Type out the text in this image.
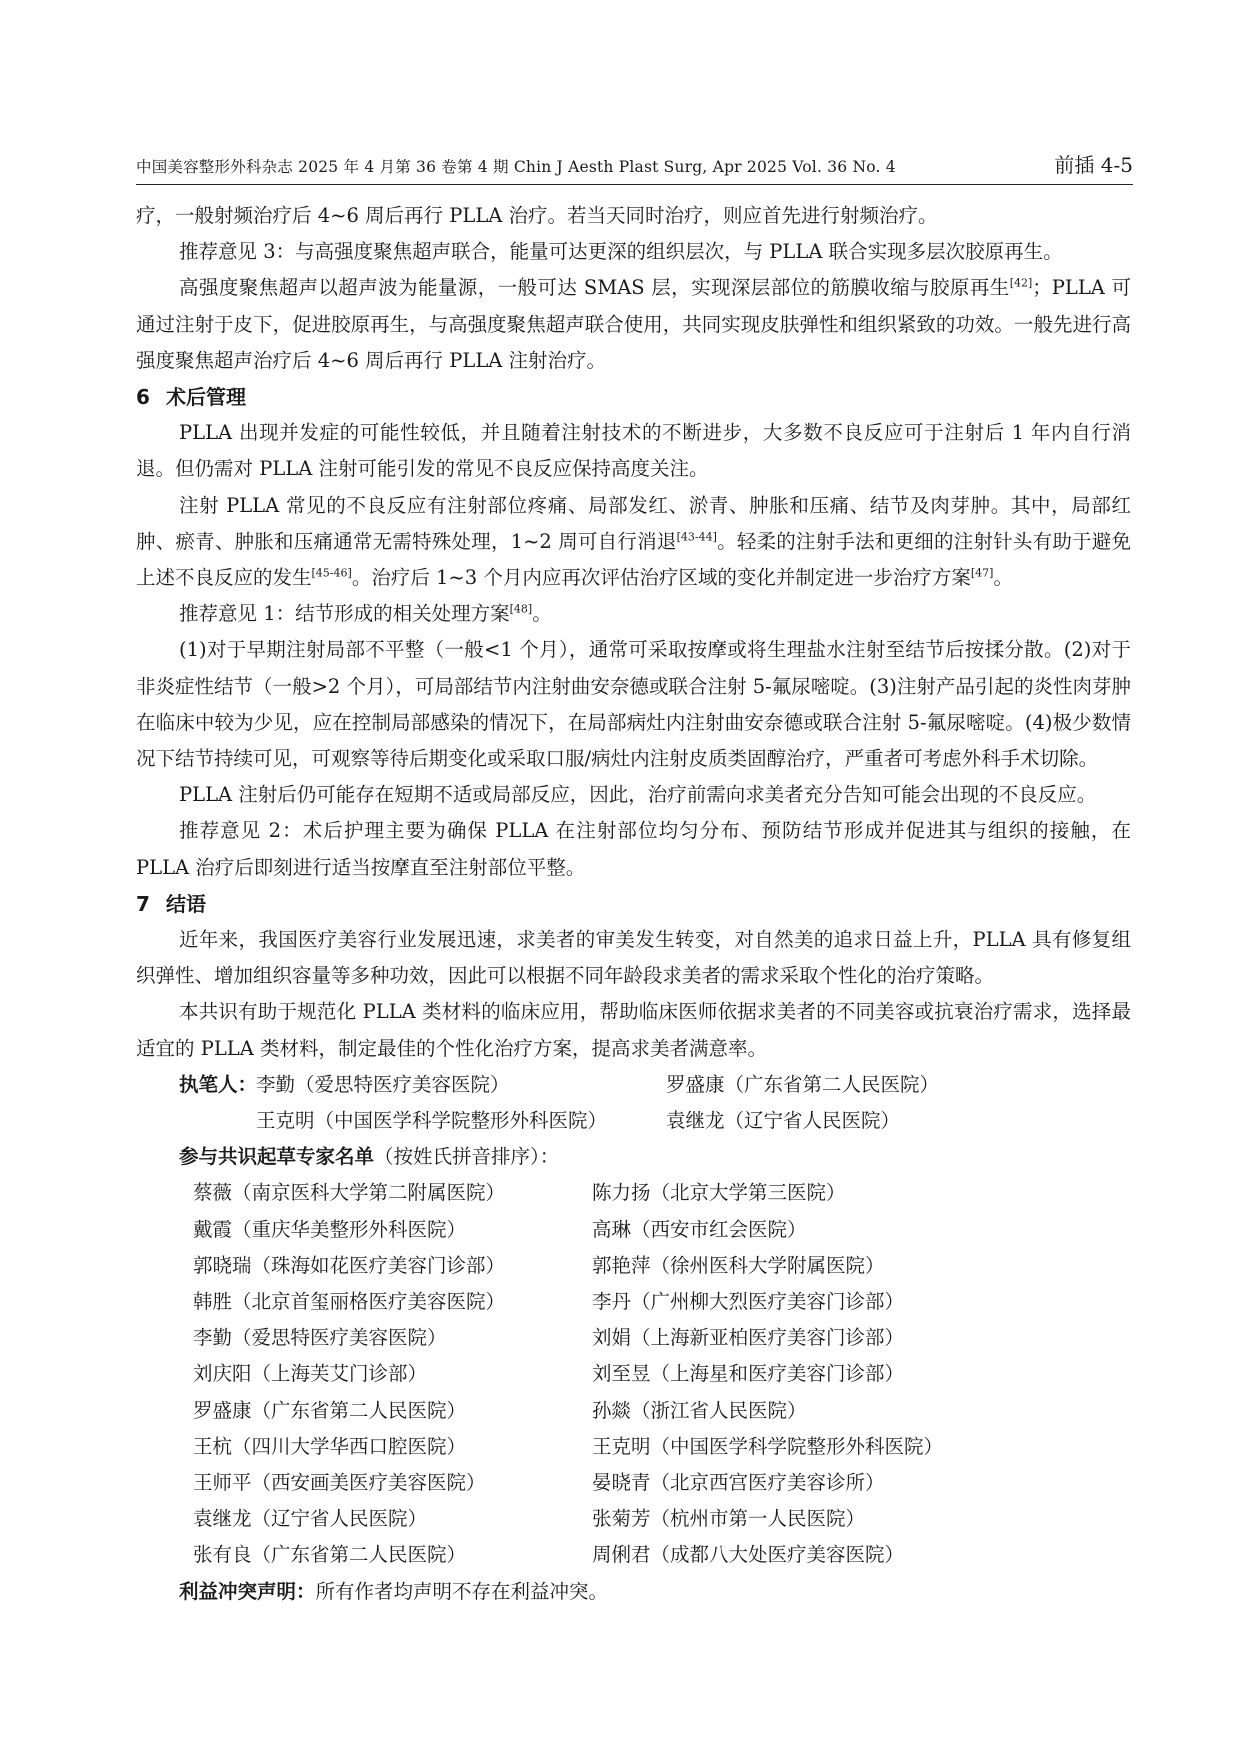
中国美容整形外科杂志 2025 年 4 月第 36 卷第 4 期 Chin J Aesth Plast Surg, Apr 2025 Vol. 36 No. 4	前插 4-5

疗，一般射频治疗后 4~6 周后再行 PLLA 治疗。若当天同时治疗，则应首先进行射频治疗。

推荐意见 3：与高强度聚焦超声联合，能量可达更深的组织层次，与 PLLA 联合实现多层次胶原再生。

高强度聚焦超声以超声波为能量源，一般可达 SMAS 层，实现深层部位的筋膜收缩与胶原再生[42]；PLLA 可通过注射于皮下，促进胶原再生，与高强度聚焦超声联合使用，共同实现皮肤弹性和组织紧致的功效。一般先进行高强度聚焦超声治疗后 4~6 周后再行 PLLA 注射治疗。

6 术后管理

PLLA 出现并发症的可能性较低，并且随着注射技术的不断进步，大多数不良反应可于注射后 1 年内自行消退。但仍需对 PLLA 注射可能引发的常见不良反应保持高度关注。

注射 PLLA 常见的不良反应有注射部位疼痛、局部发红、淤青、肿胀和压痛、结节及肉芽肿。其中，局部红肿、瘀青、肿胀和压痛通常无需特殊处理，1~2 周可自行消退[43-44]。轻柔的注射手法和更细的注射针头有助于避免上述不良反应的发生[45-46]。治疗后 1~3 个月内应再次评估治疗区域的变化并制定进一步治疗方案[47]。

推荐意见 1：结节形成的相关处理方案[48]。

(1)对于早期注射局部不平整（一般<1 个月），通常可采取按摩或将生理盐水注射至结节后按揉分散。(2)对于非炎症性结节（一般>2 个月），可局部结节内注射曲安奈德或联合注射 5-氟尿嘧啶。(3)注射产品引起的炎性肉芽肿在临床中较为少见，应在控制局部感染的情况下，在局部病灶内注射曲安奈德或联合注射 5-氟尿嘧啶。(4)极少数情况下结节持续可见，可观察等待后期变化或采取口服/病灶内注射皮质类固醇治疗，严重者可考虑外科手术切除。

PLLA 注射后仍可能存在短期不适或局部反应，因此，治疗前需向求美者充分告知可能会出现的不良反应。

推荐意见 2：术后护理主要为确保 PLLA 在注射部位均匀分布、预防结节形成并促进其与组织的接触，在 PLLA 治疗后即刻进行适当按摩直至注射部位平整。

7 结语

近年来，我国医疗美容行业发展迅速，求美者的审美发生转变，对自然美的追求日益上升，PLLA 具有修复组织弹性、增加组织容量等多种功效，因此可以根据不同年龄段求美者的需求采取个性化的治疗策略。

本共识有助于规范化 PLLA 类材料的临床应用，帮助临床医师依据求美者的不同美容或抗衰治疗需求，选择最适宜的 PLLA 类材料，制定最佳的个性化治疗方案，提高求美者满意率。

执笔人：
李勤（爱思特医疗美容医院）	罗盛康（广东省第二人民医院）
王克明（中国医学科学院整形外科医院）	袁继龙（辽宁省人民医院）
参与共识起草专家名单（按姓氏拼音排序）：
蔡薇（南京医科大学第二附属医院）	陈力扬（北京大学第三医院）
戴霞（重庆华美整形外科医院）	高琳（西安市红会医院）
郭晓瑞（珠海如花医疗美容门诊部）	郭艳萍（徐州医科大学附属医院）
韩胜（北京首玺丽格医疗美容医院）	李丹（广州柳大烈医疗美容门诊部）
李勤（爱思特医疗美容医院）	刘娟（上海新亚柏医疗美容门诊部）
刘庆阳（上海芙艾门诊部）	刘至昱（上海星和医疗美容门诊部）
罗盛康（广东省第二人民医院）	孙燚（浙江省人民医院）
王杭（四川大学华西口腔医院）	王克明（中国医学科学院整形外科医院）
王师平（西安画美医疗美容医院）	晏晓青（北京西宫医疗美容诊所）
袁继龙（辽宁省人民医院）	张菊芳（杭州市第一人民医院）
张有良（广东省第二人民医院）	周俐君（成都八大处医疗美容医院）
利益冲突声明：所有作者均声明不存在利益冲突。
